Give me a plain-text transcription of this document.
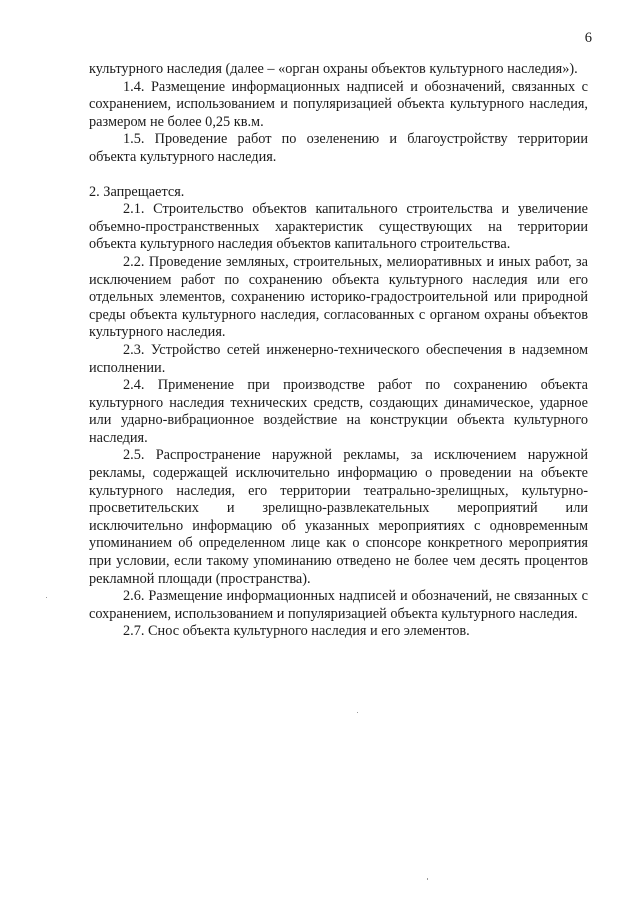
6

культурного наследия (далее – «орган охраны объектов культурного наследия»).

1.4. Размещение информационных надписей и обозначений, связанных с сохранением, использованием и популяризацией объекта культурного наследия, размером не более 0,25 кв.м.

1.5. Проведение работ по озеленению и благоустройству территории объекта культурного наследия.

2. Запрещается.

2.1. Строительство объектов капитального строительства и увеличение объемно-пространственных характеристик существующих на территории объекта культурного наследия объектов капитального строительства.

2.2. Проведение земляных, строительных, мелиоративных и иных работ, за исключением работ по сохранению объекта культурного наследия или его отдельных элементов, сохранению историко-градостроительной или природной среды объекта культурного наследия, согласованных с органом охраны объектов культурного наследия.

2.3. Устройство сетей инженерно-технического обеспечения в надземном исполнении.

2.4. Применение при производстве работ по сохранению объекта культурного наследия технических средств, создающих динамическое, ударное или ударно-вибрационное воздействие на конструкции объекта культурного наследия.

2.5. Распространение наружной рекламы, за исключением наружной рекламы, содержащей исключительно информацию о проведении на объекте культурного наследия, его территории театрально-зрелищных, культурно-просветительских и зрелищно-развлекательных мероприятий или исключительно информацию об указанных мероприятиях с одновременным упоминанием об определенном лице как о спонсоре конкретного мероприятия при условии, если такому упоминанию отведено не более чем десять процентов рекламной площади (пространства).

2.6. Размещение информационных надписей и обозначений, не связанных с сохранением, использованием и популяризацией объекта культурного наследия.

2.7. Снос объекта культурного наследия и его элементов.
